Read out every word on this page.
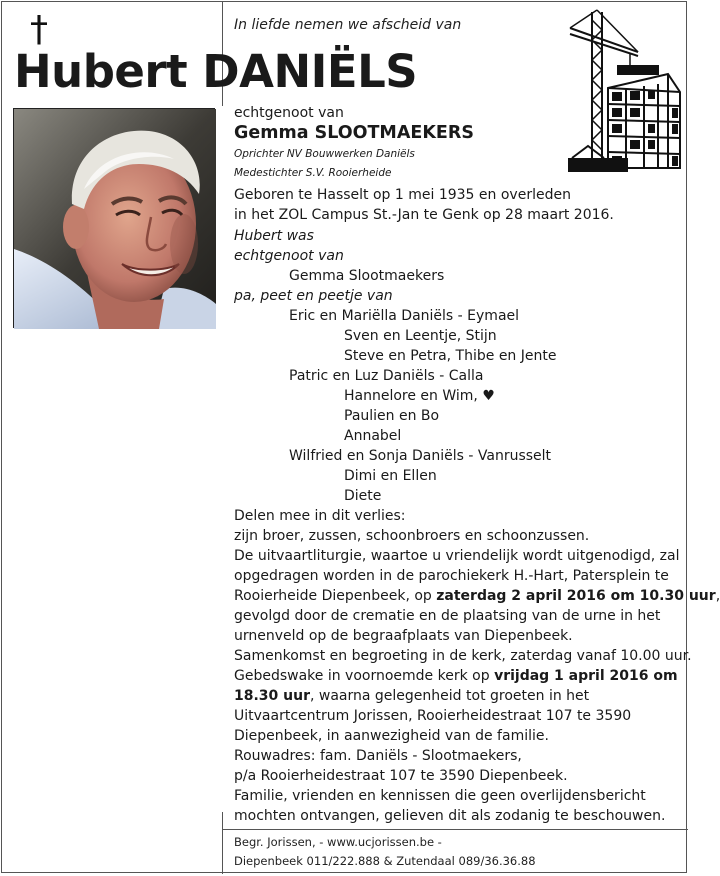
†
Hubert DANIËLS
In liefde nemen we afscheid van
echtgenoot van
Gemma SLOOTMAEKERS
Oprichter NV Bouwwerken Daniëls
Medestichter S.V. Rooierheide
Geboren te Hasselt op 1 mei 1935 en overleden
in het ZOL Campus St.-Jan te Genk op 28 maart 2016.
Hubert was
echtgenoot van
Gemma Slootmaekers
pa, peet en peetje van
Eric en Mariëlla Daniëls - Eymael
Sven en Leentje, Stijn
Steve en Petra, Thibe en Jente
Patric en Luz Daniëls - Calla
Hannelore en Wim, ♥
Paulien en Bo
Annabel
Wilfried en Sonja Daniëls - Vanrusselt
Dimi en Ellen
Diete
Delen mee in dit verlies:
zijn broer, zussen, schoonbroers en schoonzussen.
De uitvaartliturgie, waartoe u vriendelijk wordt uitgenodigd, zal
opgedragen worden in de parochiekerk H.-Hart, Patersplein te
Rooierheide Diepenbeek, op zaterdag 2 april 2016 om 10.30 uur,
gevolgd door de crematie en de plaatsing van de urne in het
urnenveld op de begraafplaats van Diepenbeek.
Samenkomst en begroeting in de kerk, zaterdag vanaf 10.00 uur.
Gebedswake in voornoemde kerk op vrijdag 1 april 2016 om
18.30 uur, waarna gelegenheid tot groeten in het
Uitvaartcentrum Jorissen, Rooierheidestraat 107 te 3590
Diepenbeek, in aanwezigheid van de familie.
Rouwadres: fam. Daniëls - Slootmaekers,
p/a Rooierheidestraat 107 te 3590 Diepenbeek.
Familie, vrienden en kennissen die geen overlijdensbericht
mochten ontvangen, gelieven dit als zodanig te beschouwen.
Begr. Jorissen, - www.ucjorissen.be -
Diepenbeek 011/222.888 & Zutendaal 089/36.36.88
